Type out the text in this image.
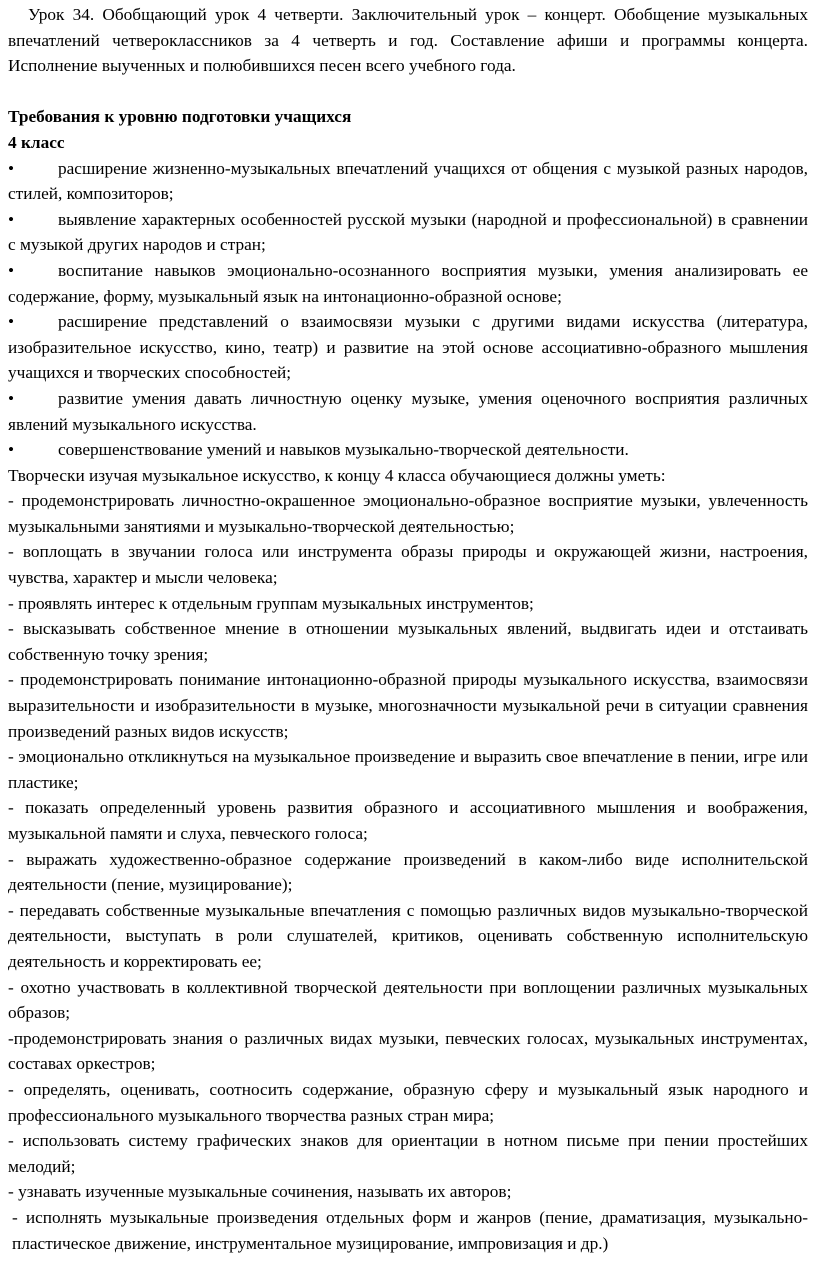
Урок 34. Обобщающий урок 4 четверти. Заключительный урок – концерт. Обобщение музыкальных впечатлений четвероклассников за 4 четверть и год. Составление афиши и программы концерта. Исполнение выученных и полюбившихся песен всего учебного года.

Требования к уровню подготовки учащихся

4 класс

•	расширение жизненно-музыкальных впечатлений учащихся от общения с музыкой разных народов, стилей, композиторов;

•	выявление характерных особенностей русской музыки (народной и профессиональной) в сравнении с музыкой других народов и стран;

•	воспитание навыков эмоционально-осознанного восприятия музыки, умения анализировать ее содержание, форму, музыкальный язык на интонационно-образной основе;

•	расширение представлений о взаимосвязи музыки с другими видами искусства (литература, изобразительное искусство, кино, театр) и развитие на этой основе ассоциативно-образного мышления учащихся и творческих способностей;

•	развитие умения давать личностную оценку музыке, умения оценочного восприятия различных явлений музыкального искусства.

•	совершенствование умений и навыков музыкально-творческой деятельности.

Творчески изучая музыкальное искусство, к концу 4 класса обучающиеся должны уметь:

- продемонстрировать личностно-окрашенное эмоционально-образное восприятие музыки, увлеченность музыкальными занятиями и музыкально-творческой деятельностью;

- воплощать в звучании голоса или инструмента образы природы и окружающей жизни, настроения, чувства, характер и мысли человека;

- проявлять интерес к отдельным группам музыкальных инструментов;

- высказывать собственное мнение в отношении музыкальных явлений, выдвигать идеи и отстаивать собственную точку зрения;

- продемонстрировать понимание интонационно-образной природы музыкального искусства, взаимосвязи выразительности и изобразительности в музыке, многозначности музыкальной речи в ситуации сравнения произведений разных видов искусств;

- эмоционально откликнуться на музыкальное произведение и выразить свое впечатление в пении, игре или пластике;

- показать определенный уровень развития образного и ассоциативного мышления и воображения, музыкальной памяти и слуха, певческого голоса;

- выражать художественно-образное содержание произведений в каком-либо виде исполнительской деятельности (пение, музицирование);

- передавать собственные музыкальные впечатления с помощью различных видов музыкально-творческой деятельности, выступать в роли слушателей, критиков, оценивать собственную исполнительскую деятельность и корректировать ее;

- охотно участвовать в коллективной творческой деятельности при воплощении различных музыкальных образов;

-продемонстрировать знания о различных видах музыки, певческих голосах, музыкальных инструментах, составах оркестров;

- определять, оценивать, соотносить содержание, образную сферу и музыкальный язык народного и профессионального музыкального творчества разных стран мира;

- использовать систему графических знаков для ориентации в нотном письме при пении простейших мелодий;

- узнавать изученные музыкальные сочинения, называть их авторов;

- исполнять музыкальные произведения отдельных форм и жанров (пение, драматизация, музыкально-пластическое движение, инструментальное музицирование, импровизация и др.)
